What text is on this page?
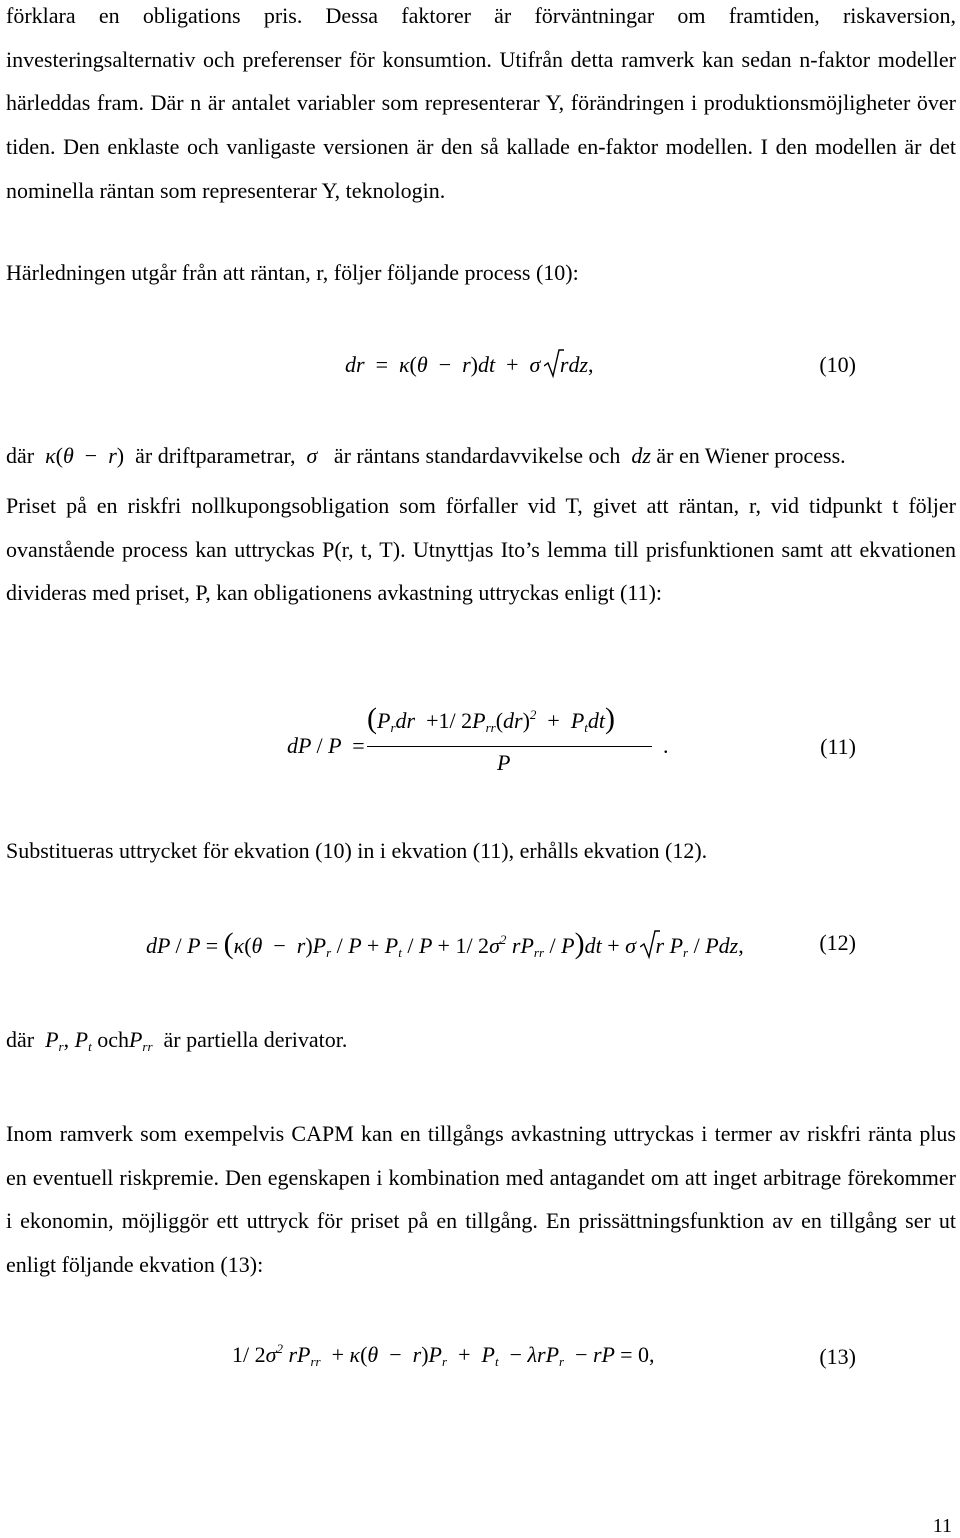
förklara en obligations pris. Dessa faktorer är förväntningar om framtiden, riskaversion, investeringsalternativ och preferenser för konsumtion. Utifrån detta ramverk kan sedan n-faktor modeller härleddas fram. Där n är antalet variabler som representerar Y, förändringen i produktionsmöjligheter över tiden. Den enklaste och vanligaste versionen är den så kallade en-faktor modellen. I den modellen är det nominella räntan som representerar Y, teknologin.

Härledningen utgår från att räntan, r, följer följande process (10):

dr  =  κ(θ  −  r)dt  +  σ
rdz,	(10)
där κ(θ  −  r) är driftparametrar, σ är räntans standardavvikelse och dz är en Wiener process.

Priset på en riskfri nollkupongsobligation som förfaller vid T, givet att räntan, r, vid tidpunkt t följer ovanstående process kan uttryckas P(r, t, T). Utnyttjas Ito’s lemma till prisfunktionen samt att ekvationen divideras med priset, P, kan obligationens avkastning uttryckas enligt (11):

dP / P  =
($P_rdr +1/$ $2P_{rr}(dr)^2 + P_tdt$)
P
.	(11)

Substitueras uttrycket för ekvation (10) in i ekvation (11), erhålls ekvation (12).

dP / $P = (\kappa(\theta - r)P_r / P + P_t / P + 1/$ $2\sigma^2$ $rP_{rr} / P)dt + \sigma$
r $P_r$ / Pdz,	(12)
där $P_r$, $P_t$ ochP$_{rr}$ är partiella derivator.

Inom ramverk som exempelvis CAPM kan en tillgångs avkastning uttryckas i termer av riskfri ränta plus en eventuell riskpremie. Den egenskapen i kombination med antagandet om att inget arbitrage förekommer i ekonomin, möjliggör ett uttryck för priset på en tillgång. En prissättningsfunktion av en tillgång ser ut enligt följande ekvation (13):

1/ $2\sigma^2$ $rP_{rr} + \kappa(\theta - r)P_r + P_t - \lambda rP_r$ − rP = 0,	(13)
11
